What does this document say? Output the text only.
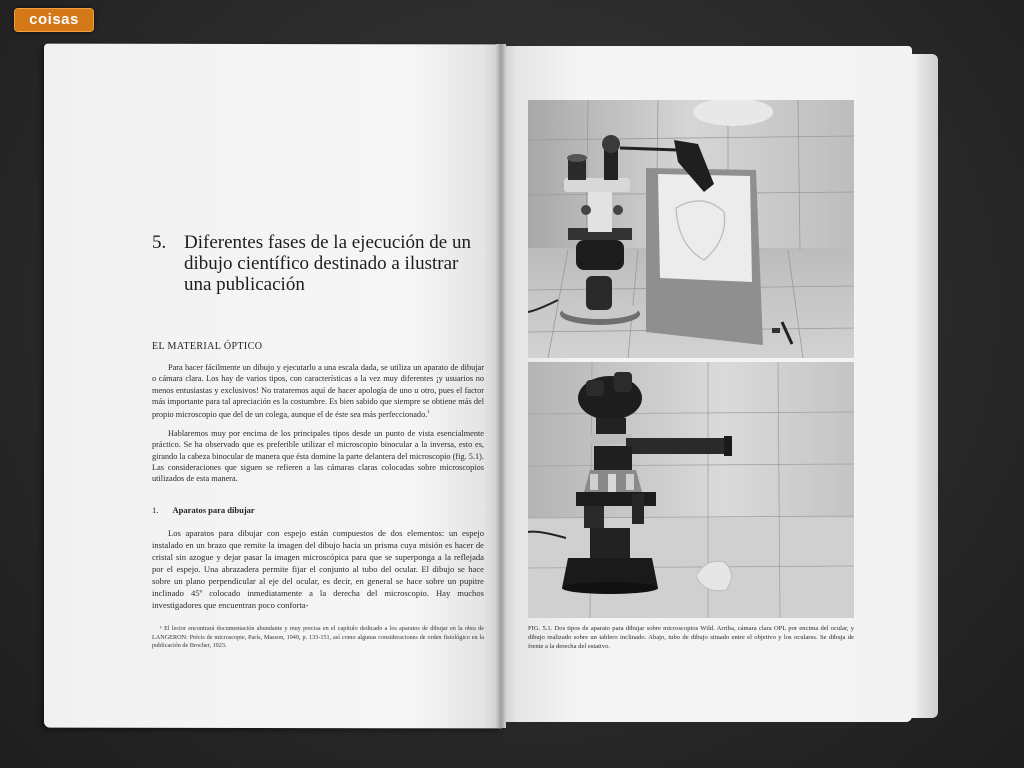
coisas
5. Diferentes fases de la ejecución de un dibujo científico destinado a ilustrar una publicación
EL MATERIAL ÓPTICO
Para hacer fácilmente un dibujo y ejecutarlo a una escala dada, se utiliza un aparato de dibujar o cámara clara. Los hay de varios tipos, con características a la vez muy diferentes ¡y usuarios no menos entusiastas y exclusivos! No trataremos aquí de hacer apología de uno u otro, pues el factor más importante para tal apreciación es la costumbre. Es bien sabido que siempre se obtiene más del propio microscopio que del de un colega, aunque el de éste sea más perfeccionado.$^1$
Hablaremos muy por encima de los principales tipos desde un punto de vista esencialmente práctico. Se ha observado que es preferible utilizar el microscopio binocular a la inversa, esto es, girando la cabeza binocular de manera que ésta domine la parte delantera del microscopio (fig. 5.1). Las consideraciones que siguen se refieren a las cámaras claras colocadas sobre microscopios utilizados de esta manera.
1. Aparatos para dibujar
Los aparatos para dibujar con espejo están compuestos de dos elementos: un espejo instalado en un brazo que remite la imagen del dibujo hacia un prisma cuya misión es hacer de cristal sin azogue y dejar pasar la imagen microscópica para que se superponga a la reflejada por el espejo. Una abrazadera permite fijar el conjunto al tubo del ocular. El dibujo se hace sobre un plano perpendicular al eje del ocular, es decir, en general se hace sobre un pupitre inclinado 45º colocado inmediatamente a la derecha del microscopio. Hay muchos investigadores que encuentran poco conforta-
¹ El lector encontrará documentación abundante y muy precisa en el capítulo dedicado a los aparatos de dibujar en la obra de LANGERON: Précis de microscopie, París, Masson, 1949, p. 133-151, así como algunas consideraciones de orden fisiológico en la publicación de Brocher, 1923.
FIG. 5.1. Dos tipos de aparato para dibujar sobre microscopios Wild. Arriba, cámara clara OPL por encima del ocular, y dibujo realizado sobre un tablero inclinado. Abajo, tubo de dibujo situado entre el objetivo y los oculares. Se dibuja de frente a la derecha del estativo.
